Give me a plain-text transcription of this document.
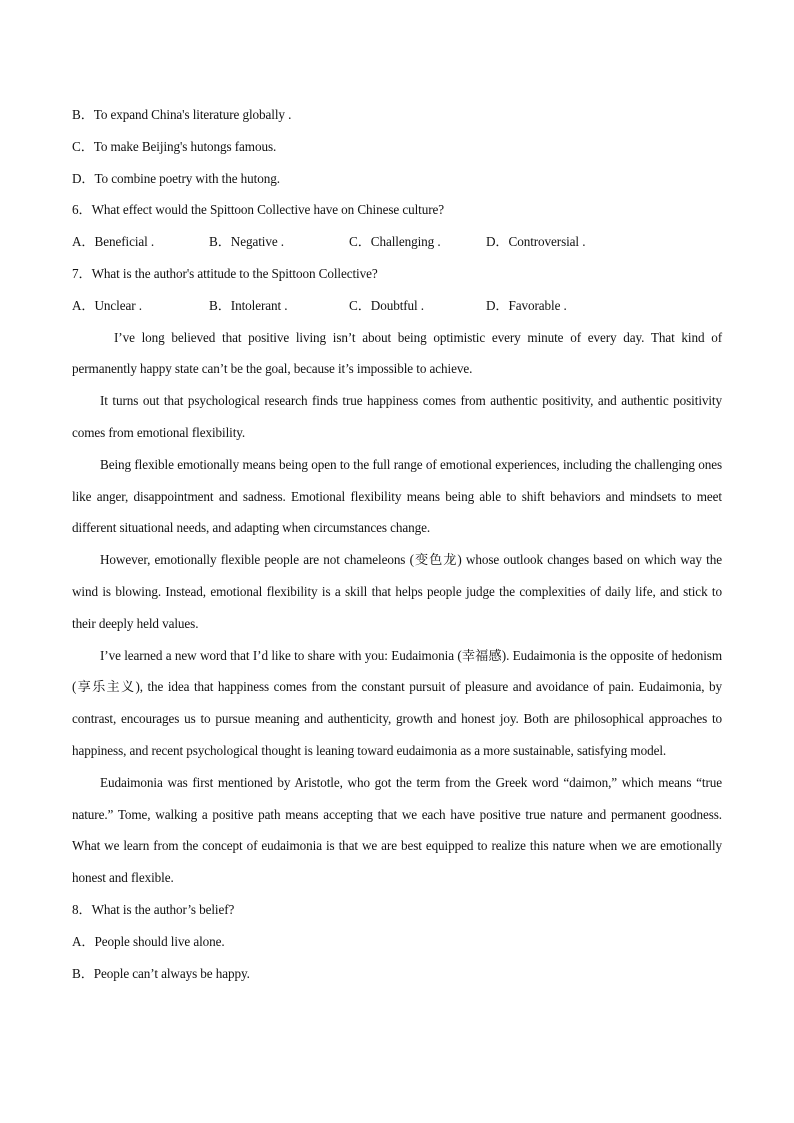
B．To expand China's literature globally .
C．To make Beijing's hutongs famous.
D．To combine poetry with the hutong.
6．What effect would the Spittoon Collective have on Chinese culture?
A．Beneficial .	B．Negative .	C．Challenging .	D．Controversial .
7．What is the author's attitude to the Spittoon Collective?
A．Unclear .	B．Intolerant .	C．Doubtful .	D．Favorable .

I’ve long believed that positive living isn’t about being optimistic every minute of every day. That kind of permanently happy state can’t be the goal, because it’s impossible to achieve.

It turns out that psychological research finds true happiness comes from authentic positivity, and authentic positivity comes from emotional flexibility.

Being flexible emotionally means being open to the full range of emotional experiences, including the challenging ones like anger, disappointment and sadness. Emotional flexibility means being able to shift behaviors and mindsets to meet different situational needs, and adapting when circumstances change.

However, emotionally flexible people are not chameleons (变色龙) whose outlook changes based on which way the wind is blowing. Instead, emotional flexibility is a skill that helps people judge the complexities of daily life, and stick to their deeply held values.

I’ve learned a new word that I’d like to share with you: Eudaimonia (幸福感). Eudaimonia is the opposite of hedonism (享乐主义), the idea that happiness comes from the constant pursuit of pleasure and avoidance of pain. Eudaimonia, by contrast, encourages us to pursue meaning and authenticity, growth and honest joy. Both are philosophical approaches to happiness, and recent psychological thought is leaning toward eudaimonia as a more sustainable, satisfying model.

Eudaimonia was first mentioned by Aristotle, who got the term from the Greek word “daimon,” which means “true nature.” Tome, walking a positive path means accepting that we each have positive true nature and permanent goodness. What we learn from the concept of eudaimonia is that we are best equipped to realize this nature when we are emotionally honest and flexible.

8．What is the author’s belief?
A．People should live alone.
B．People can’t always be happy.
